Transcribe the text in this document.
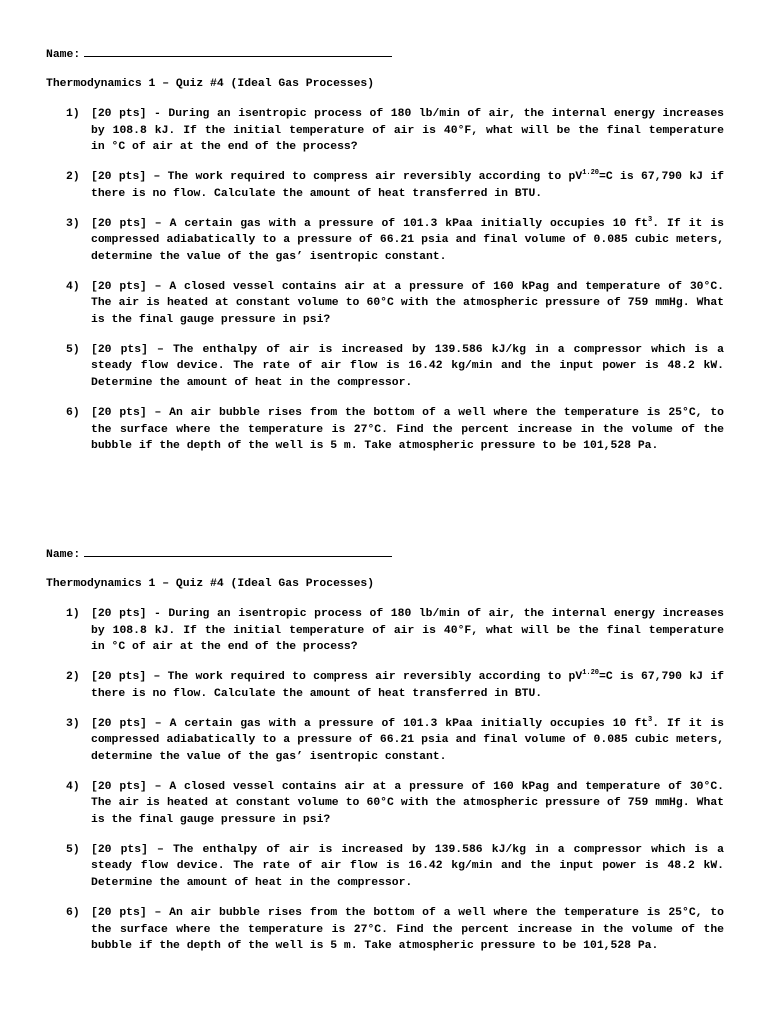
Name:
Thermodynamics 1 – Quiz #4 (Ideal Gas Processes)
1) [20 pts] - During an isentropic process of 180 lb/min of air, the internal energy increases by 108.8 kJ. If the initial temperature of air is 40°F, what will be the final temperature in °C of air at the end of the process?
2) [20 pts] – The work required to compress air reversibly according to $pV^{1.20}=C$ is 67,790 kJ if there is no flow. Calculate the amount of heat transferred in BTU.
3) [20 pts] – A certain gas with a pressure of 101.3 kPaa initially occupies 10 $ft^3$. If it is compressed adiabatically to a pressure of 66.21 psia and final volume of 0.085 cubic meters, determine the value of the gas’ isentropic constant.
4) [20 pts] – A closed vessel contains air at a pressure of 160 kPag and temperature of 30°C. The air is heated at constant volume to 60°C with the atmospheric pressure of 759 mmHg. What is the final gauge pressure in psi?
5) [20 pts] – The enthalpy of air is increased by 139.586 kJ/kg in a compressor which is a steady flow device. The rate of air flow is 16.42 kg/min and the input power is 48.2 kW. Determine the amount of heat in the compressor.
6) [20 pts] – An air bubble rises from the bottom of a well where the temperature is 25°C, to the surface where the temperature is 27°C. Find the percent increase in the volume of the bubble if the depth of the well is 5 m. Take atmospheric pressure to be 101,528 Pa.
Name:
Thermodynamics 1 – Quiz #4 (Ideal Gas Processes)
1) [20 pts] - During an isentropic process of 180 lb/min of air, the internal energy increases by 108.8 kJ. If the initial temperature of air is 40°F, what will be the final temperature in °C of air at the end of the process?
2) [20 pts] – The work required to compress air reversibly according to $pV^{1.20}=C$ is 67,790 kJ if there is no flow. Calculate the amount of heat transferred in BTU.
3) [20 pts] – A certain gas with a pressure of 101.3 kPaa initially occupies 10 $ft^3$. If it is compressed adiabatically to a pressure of 66.21 psia and final volume of 0.085 cubic meters, determine the value of the gas’ isentropic constant.
4) [20 pts] – A closed vessel contains air at a pressure of 160 kPag and temperature of 30°C. The air is heated at constant volume to 60°C with the atmospheric pressure of 759 mmHg. What is the final gauge pressure in psi?
5) [20 pts] – The enthalpy of air is increased by 139.586 kJ/kg in a compressor which is a steady flow device. The rate of air flow is 16.42 kg/min and the input power is 48.2 kW. Determine the amount of heat in the compressor.
6) [20 pts] – An air bubble rises from the bottom of a well where the temperature is 25°C, to the surface where the temperature is 27°C. Find the percent increase in the volume of the bubble if the depth of the well is 5 m. Take atmospheric pressure to be 101,528 Pa.
